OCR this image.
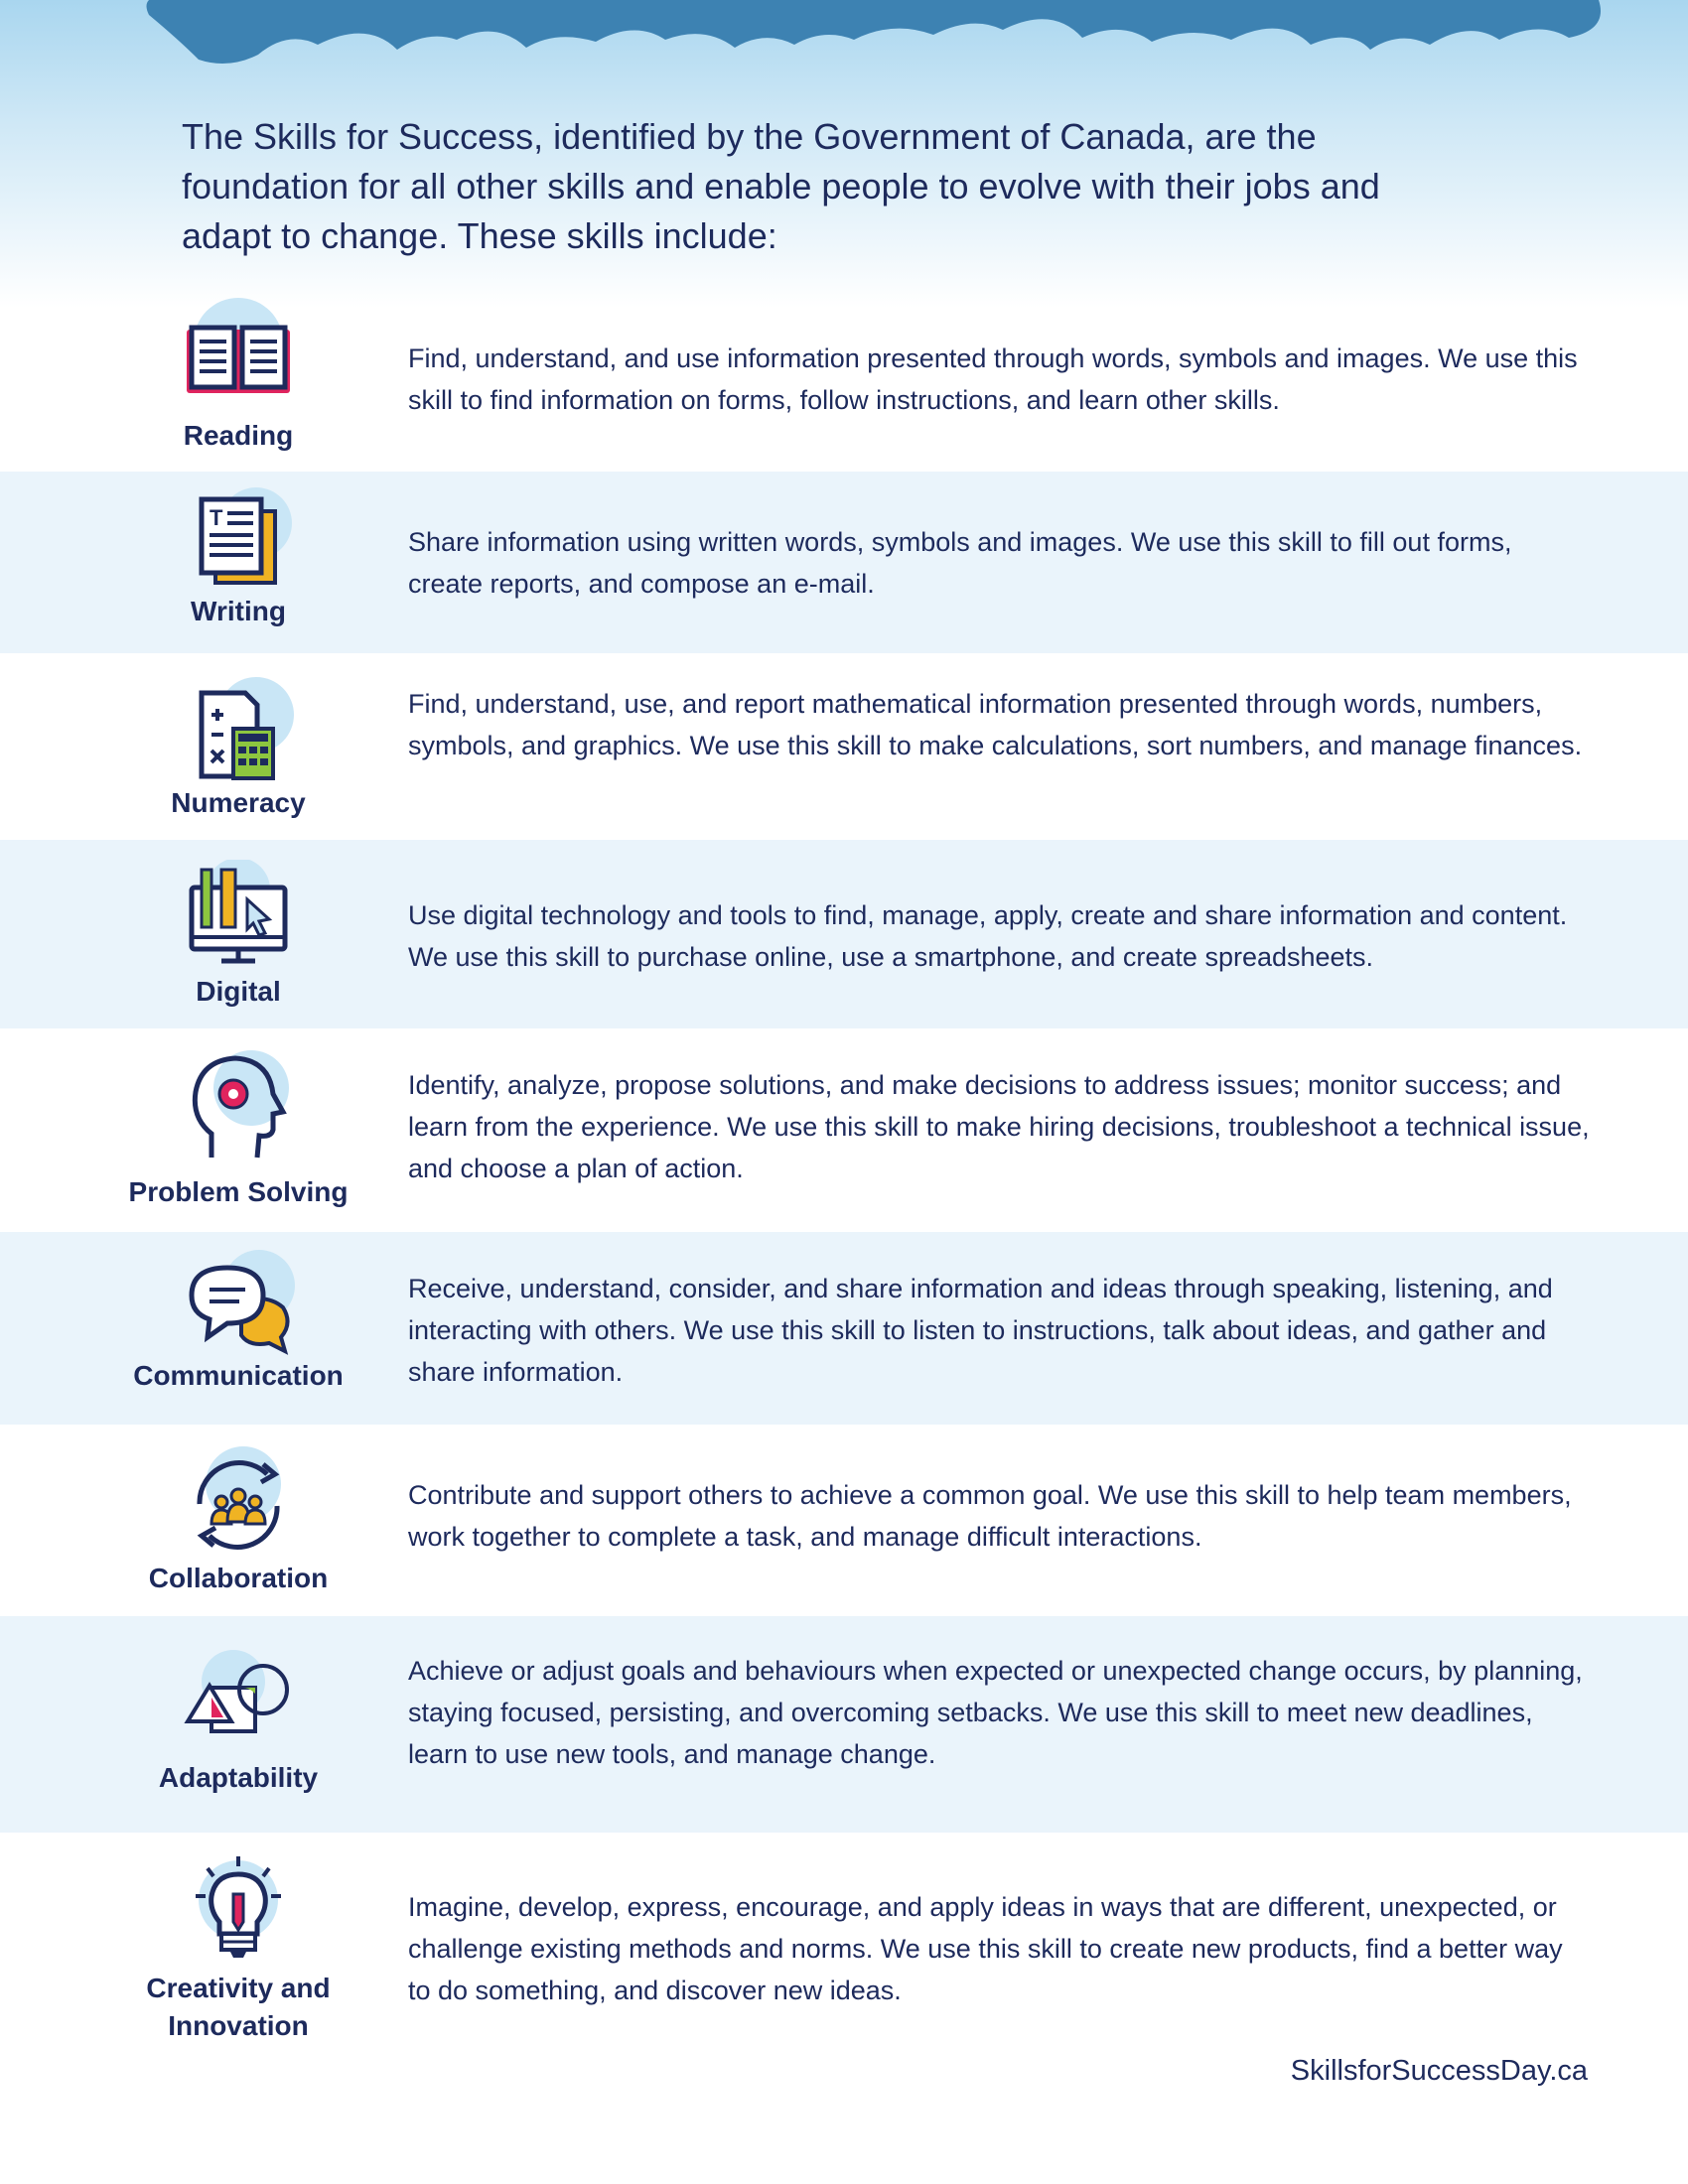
The Skills for Success, identified by the Government of Canada, are the foundation for all other skills and enable people to evolve with their jobs and adapt to change. These skills include:

Reading

Find, understand, and use information presented through words, symbols and images. We use this skill to find information on forms, follow instructions, and learn other skills.

T
Writing

Share information using written words, symbols and images. We use this skill to fill out forms, create reports, and compose an e-mail.

Numeracy

Find, understand, use, and report mathematical information presented through words, numbers, symbols, and graphics. We use this skill to make calculations, sort numbers, and manage finances.

Digital

Use digital technology and tools to find, manage, apply, create and share information and content. We use this skill to purchase online, use a smartphone, and create spreadsheets.

Problem Solving

Identify, analyze, propose solutions, and make decisions to address issues; monitor success; and learn from the experience. We use this skill to make hiring decisions, troubleshoot a technical issue, and choose a plan of action.

Communication

Receive, understand, consider, and share information and ideas through speaking, listening, and interacting with others. We use this skill to listen to instructions, talk about ideas, and gather and share information.

Collaboration

Contribute and support others to achieve a common goal. We use this skill to help team members, work together to complete a task, and manage difficult interactions.

Adaptability

Achieve or adjust goals and behaviours when expected or unexpected change occurs, by planning, staying focused, persisting, and overcoming setbacks. We use this skill to meet new deadlines, learn to use new tools, and manage change.

Creativity and Innovation

Imagine, develop, express, encourage, and apply ideas in ways that are different, unexpected, or challenge existing methods and norms. We use this skill to create new products, find a better way to do something, and discover new ideas.

SkillsforSuccessDay.ca
